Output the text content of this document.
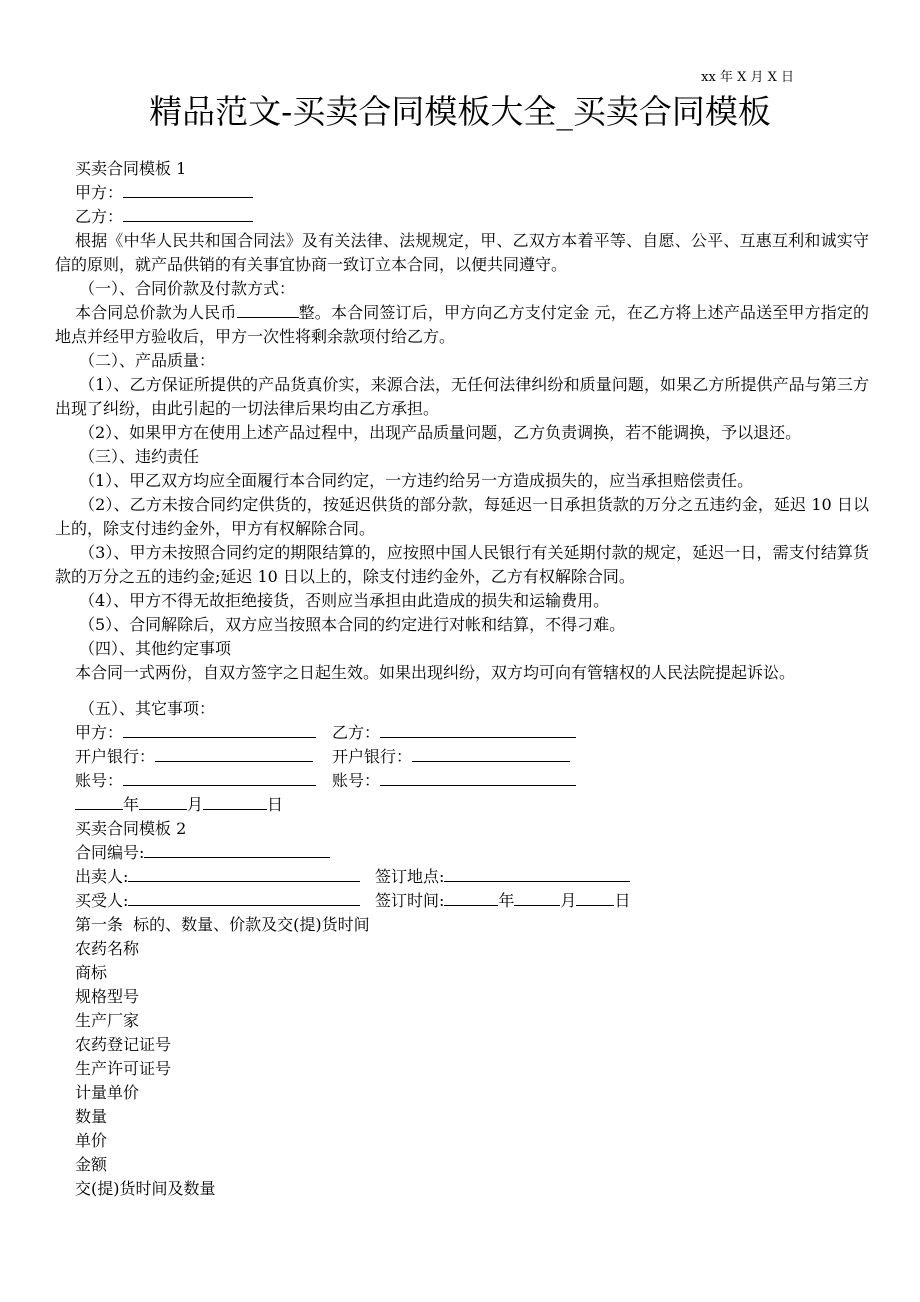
xx 年 X 月 X 日
精品范文-买卖合同模板大全_买卖合同模板

买卖合同模板 1

甲方：

乙方：

根据《中华人民共和国合同法》及有关法律、法规规定，甲、乙双方本着平等、自愿、公平、互惠互利和诚实守信的原则，就产品供销的有关事宜协商一致订立本合同，以便共同遵守。

（一）、合同价款及付款方式：

本合同总价款为人民币	整。本合同签订后，甲方向乙方支付定金 元，在乙方将上述产品送至甲方指定的地点并经甲方验收后，甲方一次性将剩余款项付给乙方。

（二）、产品质量：

（1）、乙方保证所提供的产品货真价实，来源合法，无任何法律纠纷和质量问题，如果乙方所提供产品与第三方出现了纠纷，由此引起的一切法律后果均由乙方承担。

（2）、如果甲方在使用上述产品过程中，出现产品质量问题，乙方负责调换，若不能调换，予以退还。

（三）、违约责任

（1）、甲乙双方均应全面履行本合同约定，一方违约给另一方造成损失的，应当承担赔偿责任。

（2）、乙方未按合同约定供货的，按延迟供货的部分款，每延迟一日承担货款的万分之五违约金，延迟 10 日以上的，除支付违约金外，甲方有权解除合同。

（3）、甲方未按照合同约定的期限结算的，应按照中国人民银行有关延期付款的规定，延迟一日，需支付结算货款的万分之五的违约金;延迟 10 日以上的，除支付违约金外，乙方有权解除合同。

（4）、甲方不得无故拒绝接货，否则应当承担由此造成的损失和运输费用。

（5）、合同解除后，双方应当按照本合同的约定进行对帐和结算，不得刁难。

（四）、其他约定事项

本合同一式两份，自双方签字之日起生效。如果出现纠纷，双方均可向有管辖权的人民法院提起诉讼。

（五）、其它事项：

甲方：	乙方：

开户银行：	开户银行：

账号：	账号：

年	月	日

买卖合同模板 2

合同编号:

出卖人:	签订地点:

买受人:	签订时间:	年	月 日

第一条  标的、数量、价款及交(提)货时间

农药名称

商标

规格型号

生产厂家

农药登记证号

生产许可证号

计量单价

数量

单价

金额

交(提)货时间及数量
